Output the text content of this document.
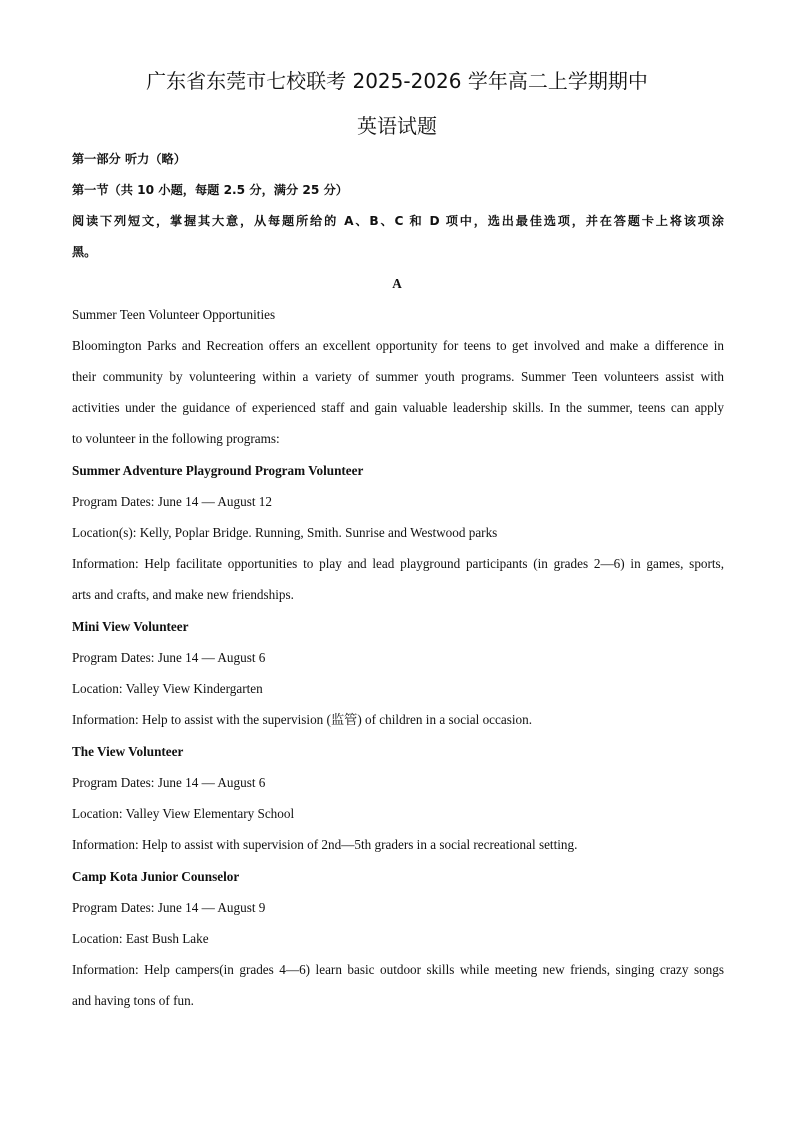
广东省东莞市七校联考 2025-2026 学年高二上学期期中
英语试题
第一部分 听力（略）
第一节（共 10 小题，每题 2.5 分，满分 25 分）
阅读下列短文，掌握其大意，从每题所给的 A、B、C 和 D 项中，选出最佳选项，并在答题卡上将该项涂
黑。
A
Summer Teen Volunteer Opportunities
Bloomington Parks and Recreation offers an excellent opportunity for teens to get involved and make a difference in
their community by volunteering within a variety of summer youth programs. Summer Teen volunteers assist with
activities under the guidance of experienced staff and gain valuable leadership skills. In the summer, teens can apply
to volunteer in the following programs:
Summer Adventure Playground Program Volunteer
Program Dates: June 14 — August 12
Location(s): Kelly, Poplar Bridge. Running, Smith. Sunrise and Westwood parks
Information: Help facilitate opportunities to play and lead playground participants (in grades 2—6) in games, sports,
arts and crafts, and make new friendships.
Mini View Volunteer
Program Dates: June 14 — August 6
Location: Valley View Kindergarten
Information: Help to assist with the supervision (监管) of children in a social occasion.
The View Volunteer
Program Dates: June 14 — August 6
Location: Valley View Elementary School
Information: Help to assist with supervision of 2nd—5th graders in a social recreational setting.
Camp Kota Junior Counselor
Program Dates: June 14 — August 9
Location: East Bush Lake
Information: Help campers(in grades 4—6) learn basic outdoor skills while meeting new friends, singing crazy songs
and having tons of fun.
